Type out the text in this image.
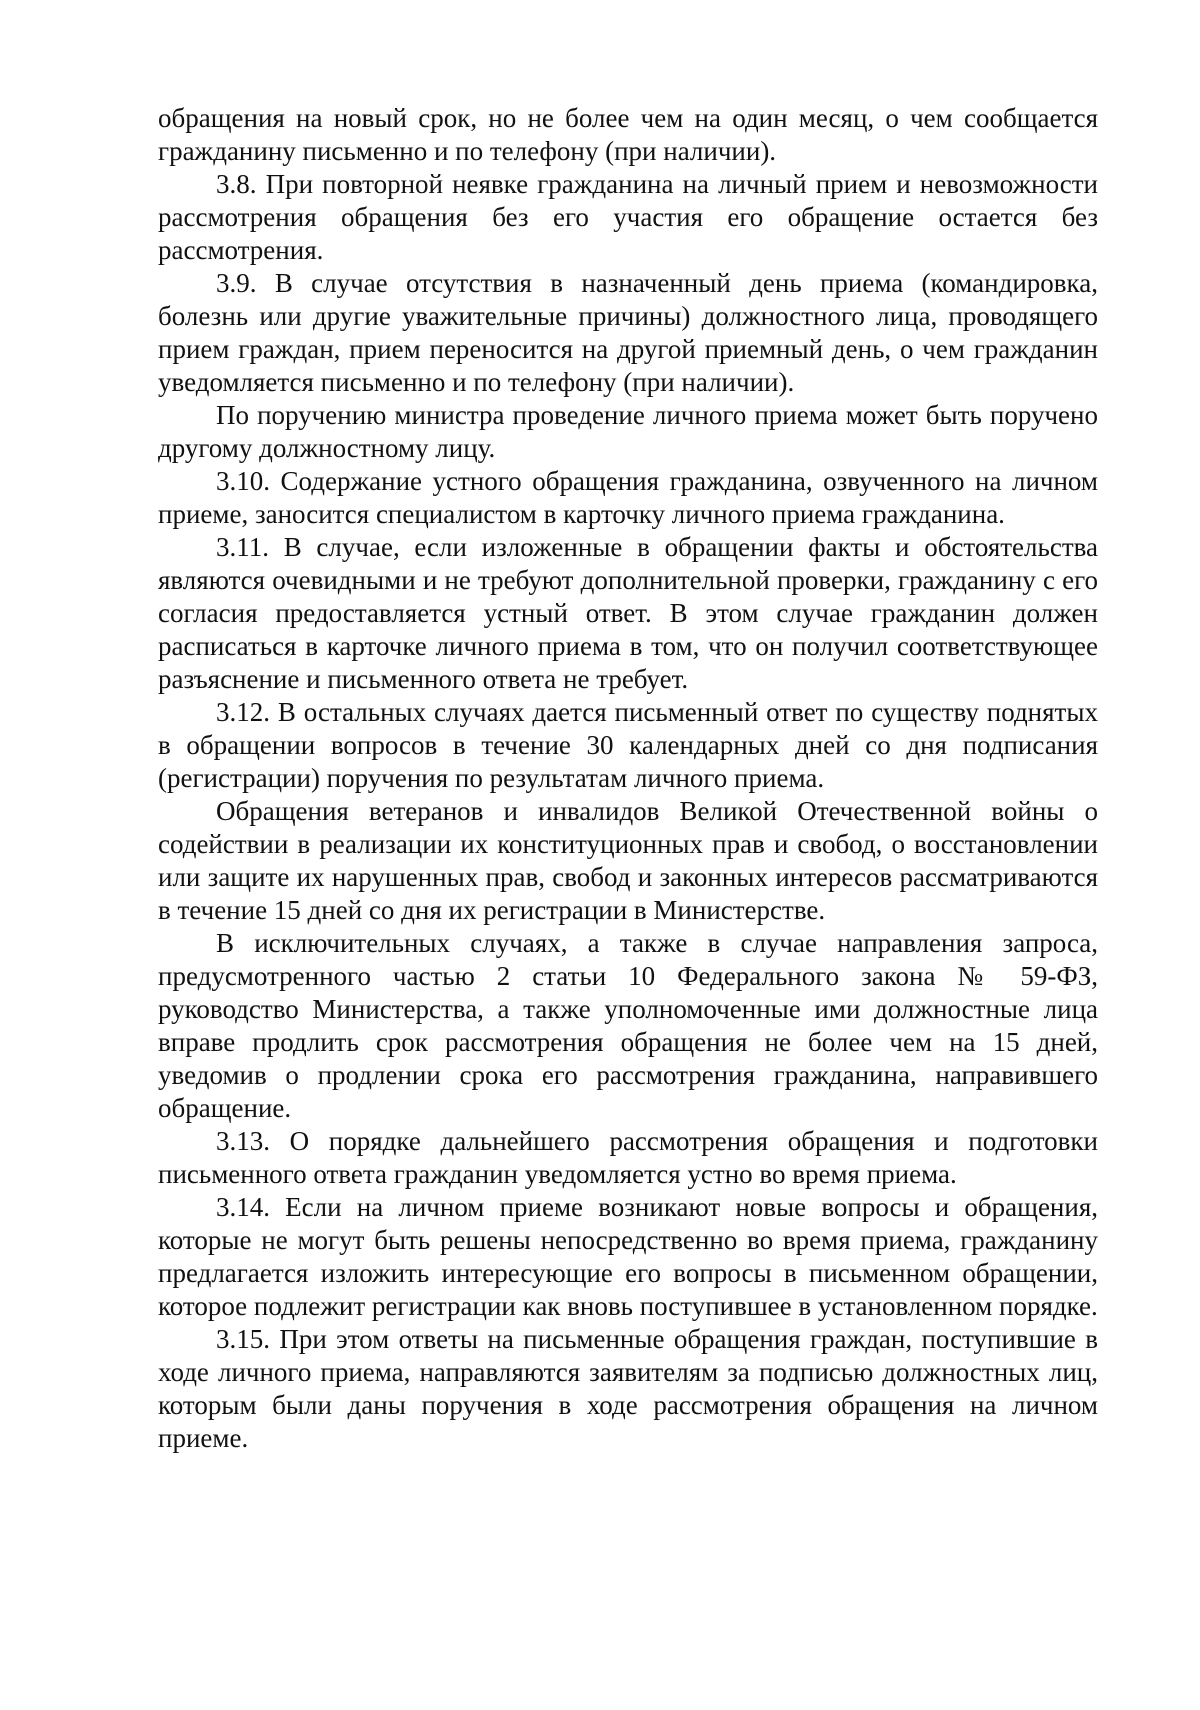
обращения на новый срок, но не более чем на один месяц, о чем сообщается гражданину письменно и по телефону (при наличии).

3.8. При повторной неявке гражданина на личный прием и невозможности рассмотрения обращения без его участия его обращение остается без рассмотрения.

3.9. В случае отсутствия в назначенный день приема (командировка, болезнь или другие уважительные причины) должностного лица, проводящего прием граждан, прием переносится на другой приемный день, о чем гражданин уведомляется письменно и по телефону (при наличии).

По поручению министра проведение личного приема может быть поручено другому должностному лицу.

3.10. Содержание устного обращения гражданина, озвученного на личном приеме, заносится специалистом в карточку личного приема гражданина.

3.11. В случае, если изложенные в обращении факты и обстоятельства являются очевидными и не требуют дополнительной проверки, гражданину с его согласия предоставляется устный ответ. В этом случае гражданин должен расписаться в карточке личного приема в том, что он получил соответствующее разъяснение и письменного ответа не требует.

3.12. В остальных случаях дается письменный ответ по существу поднятых в обращении вопросов в течение 30 календарных дней со дня подписания (регистрации) поручения по результатам личного приема.

Обращения ветеранов и инвалидов Великой Отечественной войны о содействии в реализации их конституционных прав и свобод, о восстановлении или защите их нарушенных прав, свобод и законных интересов рассматриваются в течение 15 дней со дня их регистрации в Министерстве.

В исключительных случаях, а также в случае направления запроса, предусмотренного частью 2 статьи 10 Федерального закона № 59-ФЗ, руководство Министерства, а также уполномоченные ими должностные лица вправе продлить срок рассмотрения обращения не более чем на 15 дней, уведомив о продлении срока его рассмотрения гражданина, направившего обращение.

3.13. О порядке дальнейшего рассмотрения обращения и подготовки письменного ответа гражданин уведомляется устно во время приема.

3.14. Если на личном приеме возникают новые вопросы и обращения, которые не могут быть решены непосредственно во время приема, гражданину предлагается изложить интересующие его вопросы в письменном обращении, которое подлежит регистрации как вновь поступившее в установленном порядке.

3.15. При этом ответы на письменные обращения граждан, поступившие в ходе личного приема, направляются заявителям за подписью должностных лиц, которым были даны поручения в ходе рассмотрения обращения на личном приеме.
